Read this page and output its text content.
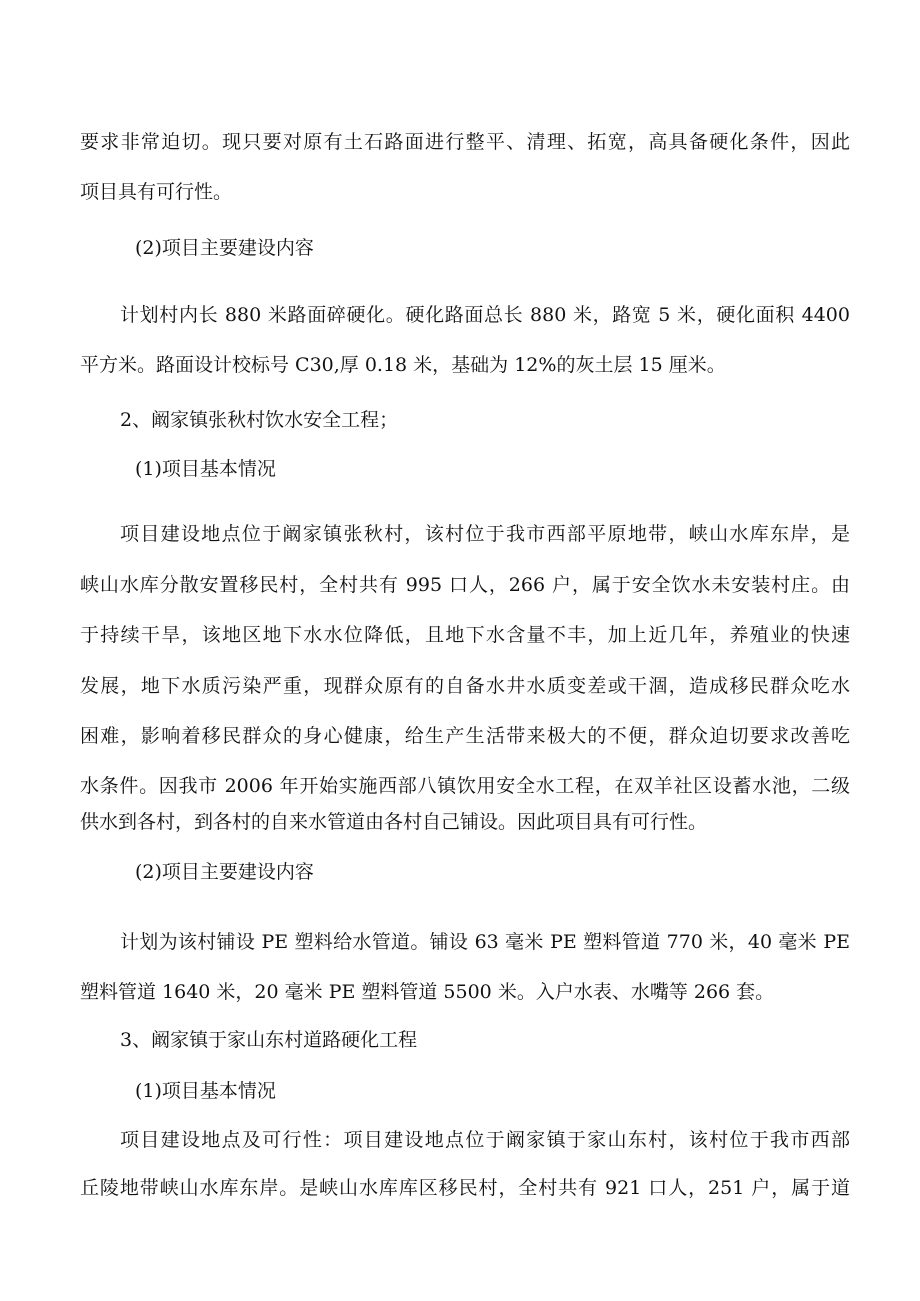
要求非常迫切。现只要对原有土石路面进行整平、清理、拓宽，高具备硬化条件，因此
项目具有可行性。
(2)项目主要建设内容
计划村内长 880 米路面碎硬化。硬化路面总长 880 米，路宽 5 米，硬化面积 4400
平方米。路面设计校标号 C30,厚 0.18 米，基础为 12%的灰土层 15 厘米。
2、阚家镇张秋村饮水安全工程；
(1)项目基本情况
项目建设地点位于阚家镇张秋村，该村位于我市西部平原地带，峡山水库东岸，是
峡山水库分散安置移民村，全村共有 995 口人，266 户，属于安全饮水未安装村庄。由
于持续干旱，该地区地下水水位降低，且地下水含量不丰，加上近几年，养殖业的快速
发展，地下水质污染严重，现群众原有的自备水井水质变差或干涸，造成移民群众吃水
困难，影响着移民群众的身心健康，给生产生活带来极大的不便，群众迫切要求改善吃
水条件。因我市 2006 年开始实施西部八镇饮用安全水工程，在双羊社区设蓄水池，二级
供水到各村，到各村的自来水管道由各村自己铺设。因此项目具有可行性。
(2)项目主要建设内容
计划为该村铺设 PE 塑料给水管道。铺设 63 毫米 PE 塑料管道 770 米，40 毫米 PE
塑料管道 1640 米，20 毫米 PE 塑料管道 5500 米。入户水表、水嘴等 266 套。
3、阚家镇于家山东村道路硬化工程
(1)项目基本情况
项目建设地点及可行性：项目建设地点位于阚家镇于家山东村，该村位于我市西部
丘陵地带峡山水库东岸。是峡山水库库区移民村，全村共有 921 口人，251 户，属于道
